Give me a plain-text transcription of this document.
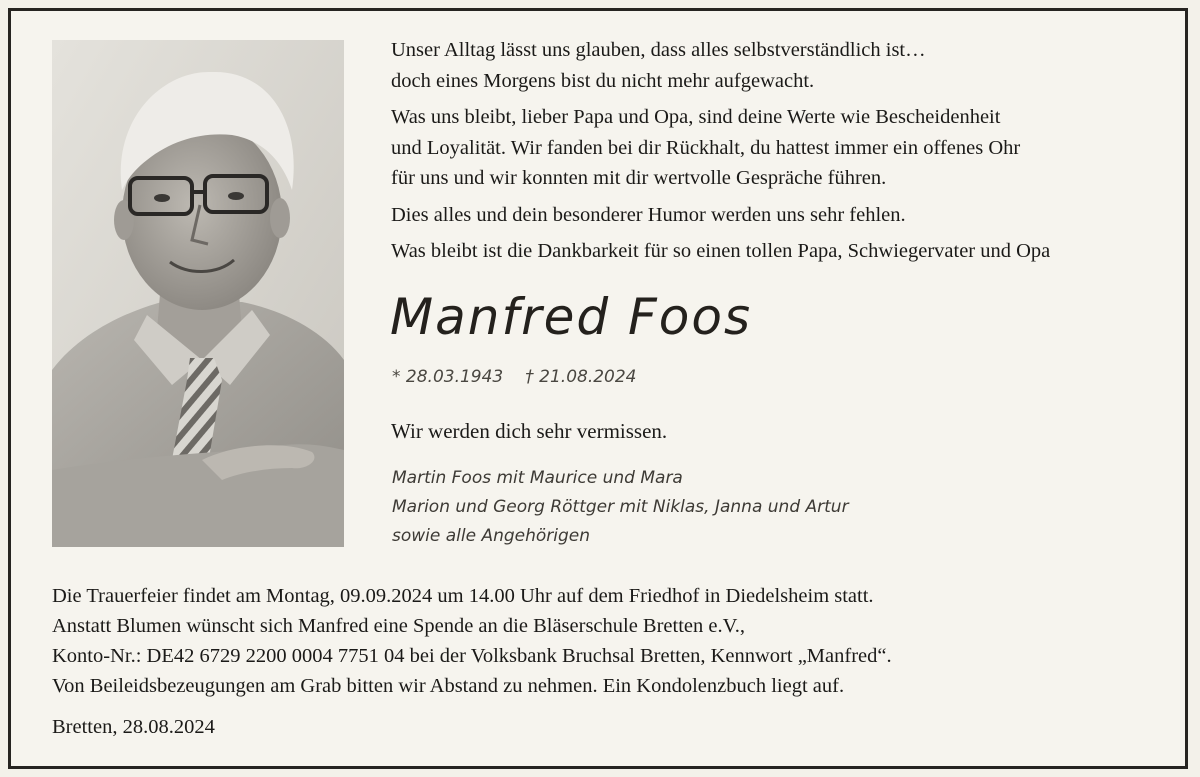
Unser Alltag lässt uns glauben, dass alles selbstverständlich ist…
doch eines Morgens bist du nicht mehr aufgewacht.

Was uns bleibt, lieber Papa und Opa, sind deine Werte wie Bescheidenheit
und Loyalität. Wir fanden bei dir Rückhalt, du hattest immer ein offenes Ohr
für uns und wir konnten mit dir wertvolle Gespräche führen.

Dies alles und dein besonderer Humor werden uns sehr fehlen.

Was bleibt ist die Dankbarkeit für so einen tollen Papa, Schwiegervater und Opa

Manfred Foos
* 28.03.1943 † 21.08.2024
Wir werden dich sehr vermissen.
Martin Foos mit Maurice und Mara
Marion und Georg Röttger mit Niklas, Janna und Artur
sowie alle Angehörigen
Die Trauerfeier findet am Montag, 09.09.2024 um 14.00 Uhr auf dem Friedhof in Diedelsheim statt.
Anstatt Blumen wünscht sich Manfred eine Spende an die Bläserschule Bretten e.V.,
Konto-Nr.: DE42 6729 2200 0004 7751 04 bei der Volksbank Bruchsal Bretten, Kennwort „Manfred“.
Von Beileidsbezeugungen am Grab bitten wir Abstand zu nehmen. Ein Kondolenzbuch liegt auf.
Bretten, 28.08.2024
